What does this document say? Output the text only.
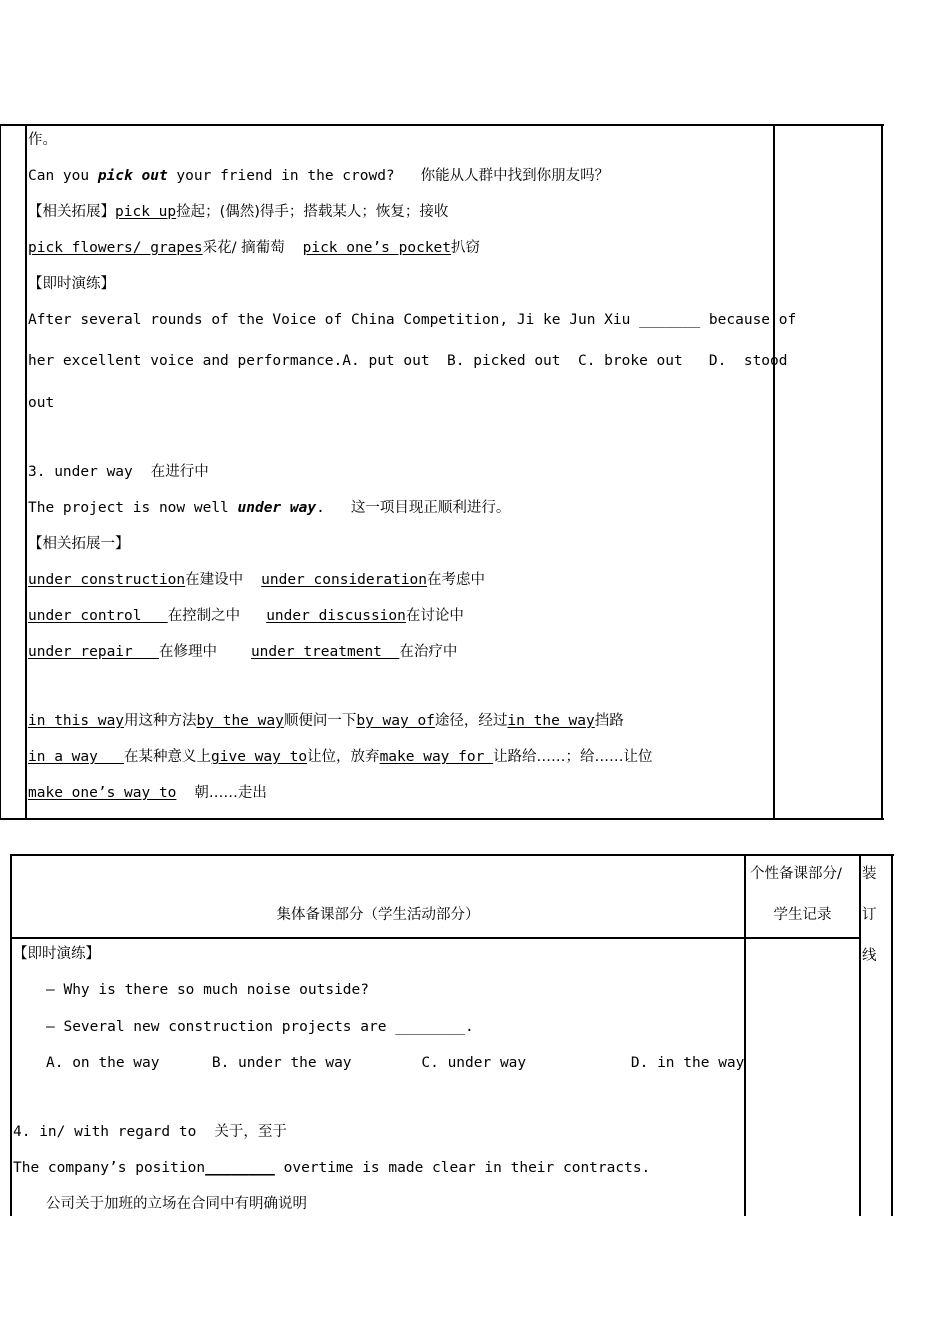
作。
Can you pick out your friend in the crowd? 你能从人群中找到你朋友吗？
【相关拓展】pick up捡起；(偶然)得手；搭载某人；恢复；接收
pick flowers/ grapes采花/ 摘葡萄 pick one’s pocket扒窃
【即时演练】
After several rounds of the Voice of China Competition, Ji ke Jun Xiu _______ because of
her excellent voice and performance.A. put out  B. picked out  C. broke out   D.  stood
out
3. under way 在进行中
The project is now well under way. 这一项目现正顺利进行。
【相关拓展一】
under construction在建设中 under consideration在考虑中
under control   在控制之中 under discussion在讨论中
under repair   在修理中 under treatment  在治疗中
in this way用这种方法by the way顺便问一下by way of途径，经过in the way挡路
in a way   在某种意义上give way to让位，放弃make way for 让路给……；给……让位
make one’s way to 朝……走出
集体备课部分（学生活动部分）
个性备课部分/
学生记录
装
订
线
【即时演练】
— Why is there so much noise outside?
— Several new construction projects are ________.
A. on the way      B. under the way        C. under way            D. in the way
4. in/ with regard to 关于，至于
The company’s position________ overtime is made clear in their contracts.
公司关于加班的立场在合同中有明确说明
